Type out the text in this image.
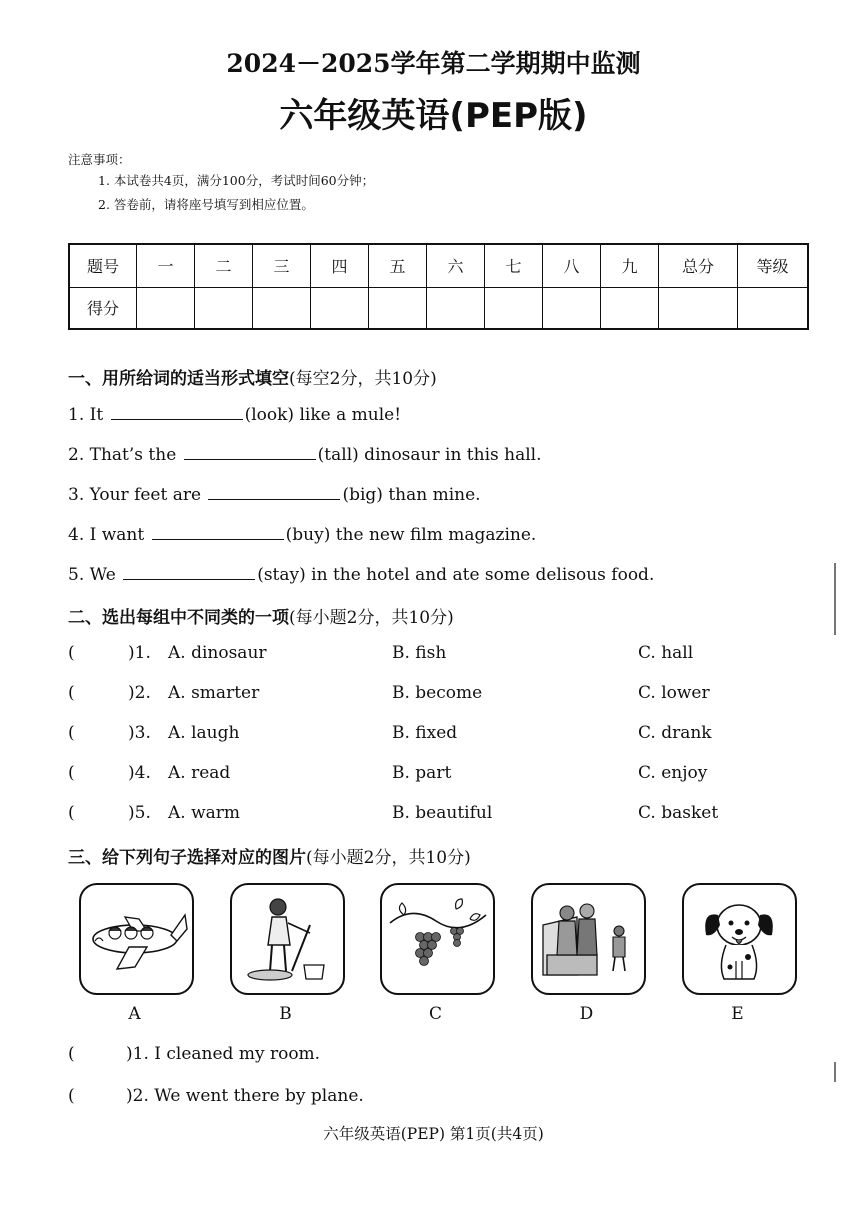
2024－2025学年第二学期期中监测
六年级英语(PEP版)
注意事项：
1. 本试卷共4页，满分100分，考试时间60分钟；
2. 答卷前，请将座号填写到相应位置。
题号	一	二	三	四	五	六	七	八	九	总分	等级
得分											
一、用所给词的适当形式填空(每空2分，共10分)
1. It	(look) like a mule!
2. That’s the	(tall) dinosaur in this hall.
3. Your feet are	(big) than mine.
4. I want	(buy) the new film magazine.
5. We	(stay) in the hotel and ate some delisous food.
二、选出每组中不同类的一项(每小题2分，共10分)
(	)1. A. dinosaur	B. fish	C. hall
(	)2. A. smarter	B. become	C. lower
(	)3. A. laugh	B. fixed	C. drank
(	)4. A. read	B. part	C. enjoy
(	)5. A. warm	B. beautiful	C. basket
三、给下列句子选择对应的图片(每小题2分，共10分)
A	B	C	D	E
(	)1. I cleaned my room.
(	)2. We went there by plane.
六年级英语(PEP) 第1页(共4页)
